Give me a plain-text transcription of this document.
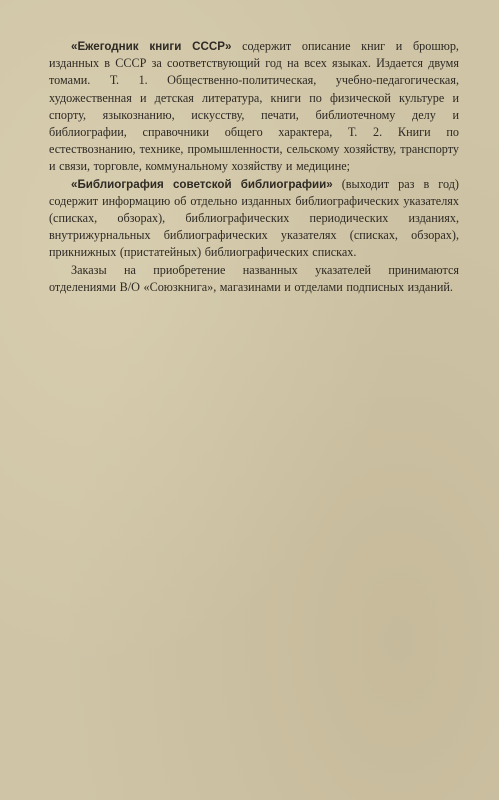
«Ежегодник книги СССР» содержит описание книг и брошюр, изданных в СССР за соответствующий год на всех языках. Издается двумя томами. Т. 1. Общественно-политическая, учебно-педагогическая, художественная и детская литература, книги по физической культуре и спорту, языкознанию, искусству, печати, библиотечному делу и библиографии, справочники общего характера, Т. 2. Книги по естествознанию, технике, промышленности, сельскому хозяйству, транспорту и связи, торговле, коммунальному хозяйству и медицине;

«Библиография советской библиографии» (выходит раз в год) содержит информацию об отдельно изданных библиографических указателях (списках, обзорах), библиографических периодических изданиях, внутрижурнальных библиографических указателях (списках, обзорах), прикнижных (пристатейных) библиографических списках.

Заказы на приобретение названных указателей принимаются отделениями В/О «Союзкнига», магазинами и отделами подписных изданий.
